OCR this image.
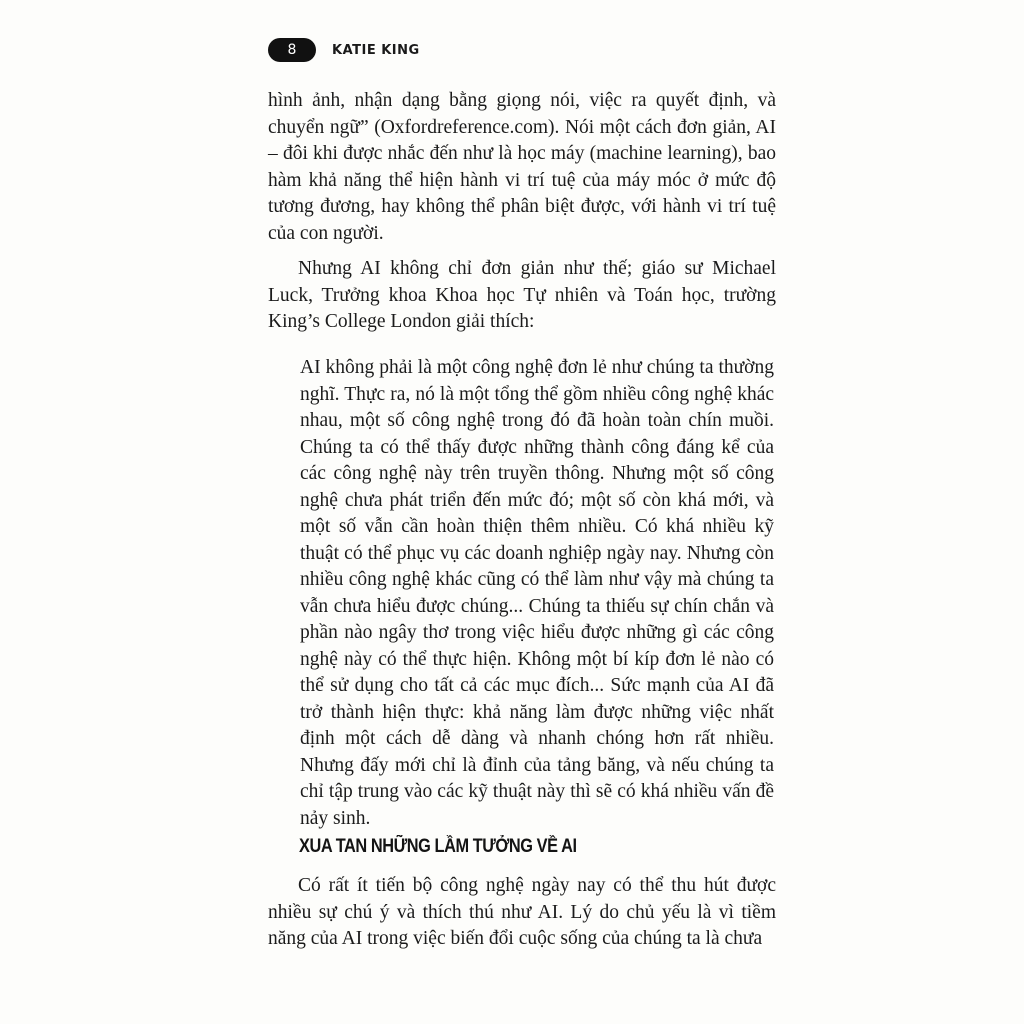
8	KATIE KING

hình ảnh, nhận dạng bằng giọng nói, việc ra quyết định, và chuyển ngữ” (Oxfordreference.com). Nói một cách đơn giản, AI – đôi khi được nhắc đến như là học máy (machine learning), bao hàm khả năng thể hiện hành vi trí tuệ của máy móc ở mức độ tương đương, hay không thể phân biệt được, với hành vi trí tuệ của con người.

Nhưng AI không chỉ đơn giản như thế; giáo sư Michael Luck, Trưởng khoa Khoa học Tự nhiên và Toán học, trường King’s College London giải thích:

AI không phải là một công nghệ đơn lẻ như chúng ta thường nghĩ. Thực ra, nó là một tổng thể gồm nhiều công nghệ khác nhau, một số công nghệ trong đó đã hoàn toàn chín muồi. Chúng ta có thể thấy được những thành công đáng kể của các công nghệ này trên truyền thông. Nhưng một số công nghệ chưa phát triển đến mức đó; một số còn khá mới, và một số vẫn cần hoàn thiện thêm nhiều. Có khá nhiều kỹ thuật có thể phục vụ các doanh nghiệp ngày nay. Nhưng còn nhiều công nghệ khác cũng có thể làm như vậy mà chúng ta vẫn chưa hiểu được chúng... Chúng ta thiếu sự chín chắn và phần nào ngây thơ trong việc hiểu được những gì các công nghệ này có thể thực hiện. Không một bí kíp đơn lẻ nào có thể sử dụng cho tất cả các mục đích... Sức mạnh của AI đã trở thành hiện thực: khả năng làm được những việc nhất định một cách dễ dàng và nhanh chóng hơn rất nhiều. Nhưng đấy mới chỉ là đỉnh của tảng băng, và nếu chúng ta chỉ tập trung vào các kỹ thuật này thì sẽ có khá nhiều vấn đề nảy sinh.

XUA TAN NHỮNG LẦM TƯỞNG VỀ AI

Có rất ít tiến bộ công nghệ ngày nay có thể thu hút được nhiều sự chú ý và thích thú như AI. Lý do chủ yếu là vì tiềm năng của AI trong việc biến đổi cuộc sống của chúng ta là chưa
